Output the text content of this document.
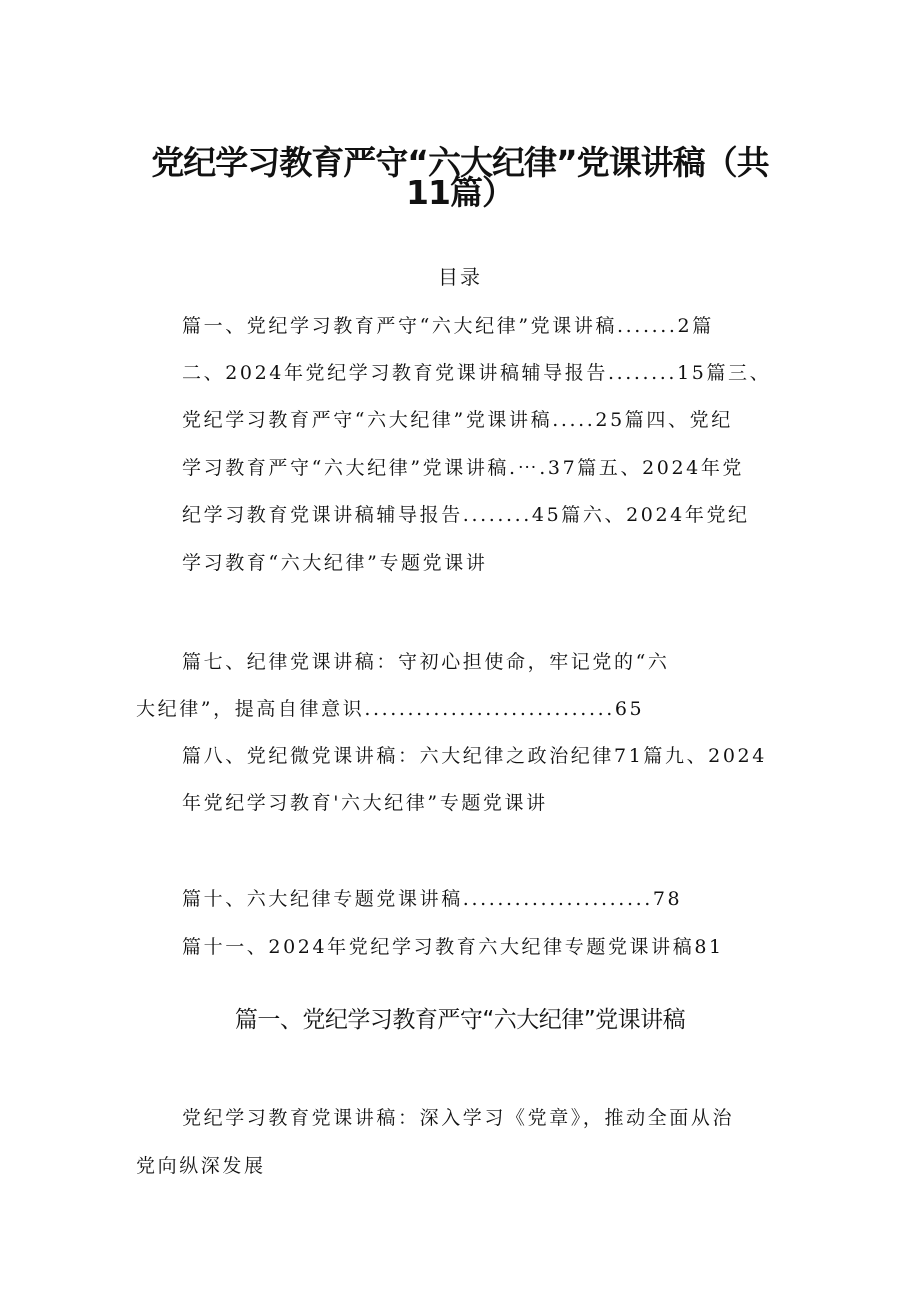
党纪学习教育严守“六大纪律”党课讲稿（共
11篇）
目录
篇一、党纪学习教育严守“六大纪律”党课讲稿.......2篇
二、2024年党纪学习教育党课讲稿辅导报告........15篇三、
党纪学习教育严守“六大纪律”党课讲稿.....25篇四、党纪
学习教育严守“六大纪律”党课讲稿.⋯.37篇五、2024年党
纪学习教育党课讲稿辅导报告........45篇六、2024年党纪
学习教育“六大纪律”专题党课讲
篇七、纪律党课讲稿：守初心担使命，牢记党的“六
大纪律”，提高自律意识.............................65
篇八、党纪微党课讲稿：六大纪律之政治纪律71篇九、2024
年党纪学习教育'六大纪律”专题党课讲
篇十、六大纪律专题党课讲稿......................78
篇十一、2024年党纪学习教育六大纪律专题党课讲稿81
篇一、党纪学习教育严守“六大纪律”党课讲稿
党纪学习教育党课讲稿：深入学习《党章》，推动全面从治
党向纵深发展
